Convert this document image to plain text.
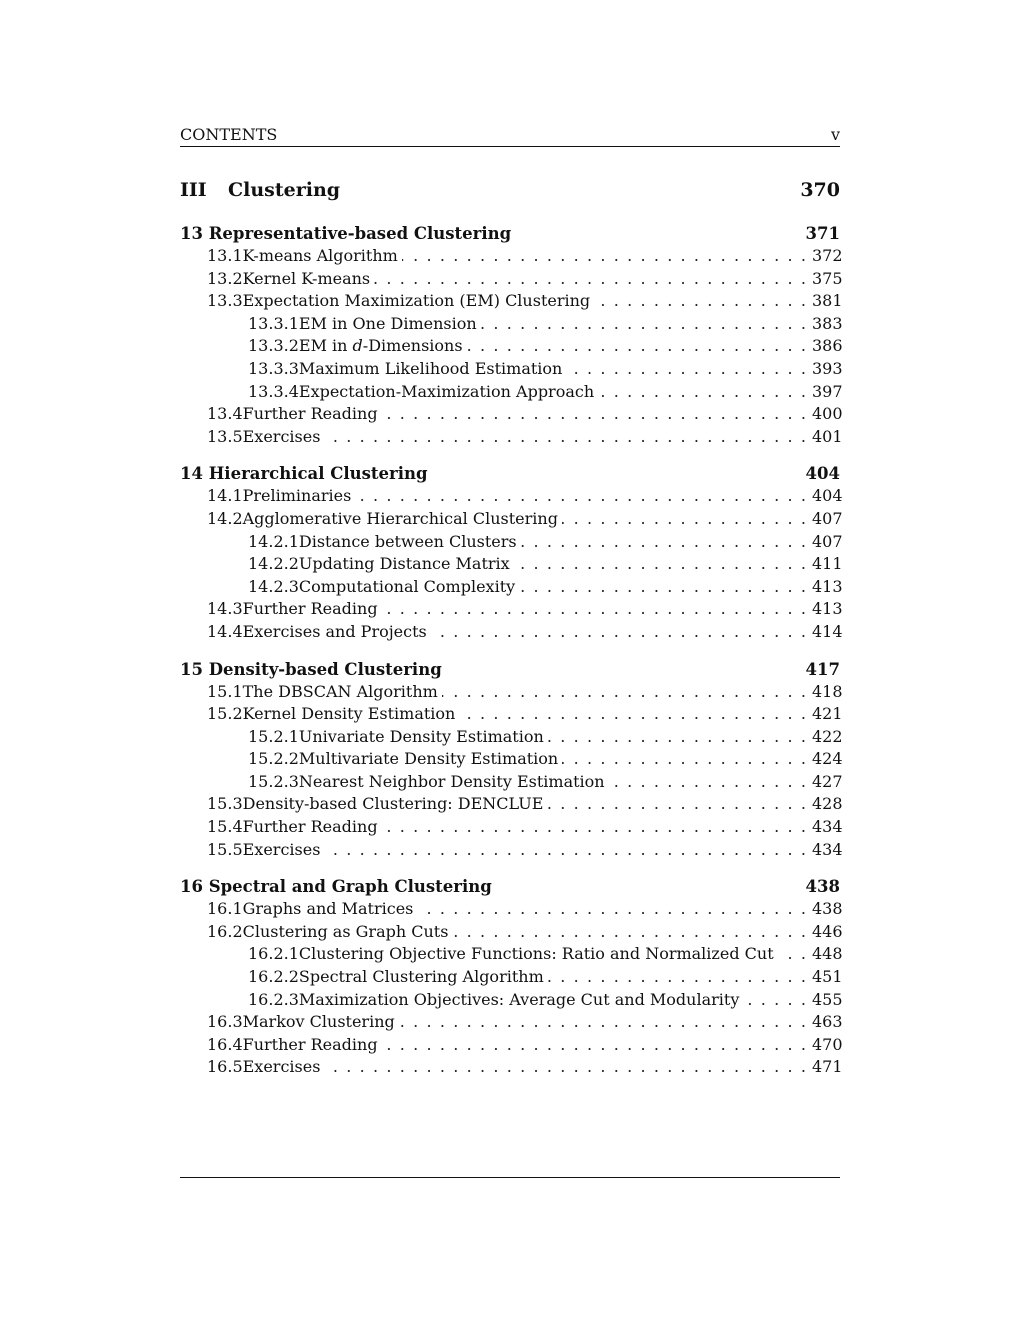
CONTENTS	v
III Clustering	370
13 Representative-based Clustering	371
13.1 K-means Algorithm . . .	372
13.2 Kernel K-means . . .	375
13.3 Expectation Maximization (EM) Clustering . . .	381
13.3.1 EM in One Dimension . . .	383
13.3.2 EM in d-Dimensions . . .	386
13.3.3 Maximum Likelihood Estimation . . .	393
13.3.4 Expectation-Maximization Approach . . .	397
13.4 Further Reading . . .	400
13.5 Exercises . . .	401
14 Hierarchical Clustering	404
14.1 Preliminaries . . .	404
14.2 Agglomerative Hierarchical Clustering . . .	407
14.2.1 Distance between Clusters . . .	407
14.2.2 Updating Distance Matrix . . .	411
14.2.3 Computational Complexity . . .	413
14.3 Further Reading . . .	413
14.4 Exercises and Projects . . .	414
15 Density-based Clustering	417
15.1 The DBSCAN Algorithm . . .	418
15.2 Kernel Density Estimation . . .	421
15.2.1 Univariate Density Estimation . . .	422
15.2.2 Multivariate Density Estimation . . .	424
15.2.3 Nearest Neighbor Density Estimation . . .	427
15.3 Density-based Clustering: DENCLUE . . .	428
15.4 Further Reading . . .	434
15.5 Exercises . . .	434
16 Spectral and Graph Clustering	438
16.1 Graphs and Matrices . . .	438
16.2 Clustering as Graph Cuts . . .	446
16.2.1 Clustering Objective Functions: Ratio and Normalized Cut . . . 448
16.2.2 Spectral Clustering Algorithm . . .	451
16.2.3 Maximization Objectives: Average Cut and Modularity . . .	455
16.3 Markov Clustering . . .	463
16.4 Further Reading . . .	470
16.5 Exercises . . .	471
